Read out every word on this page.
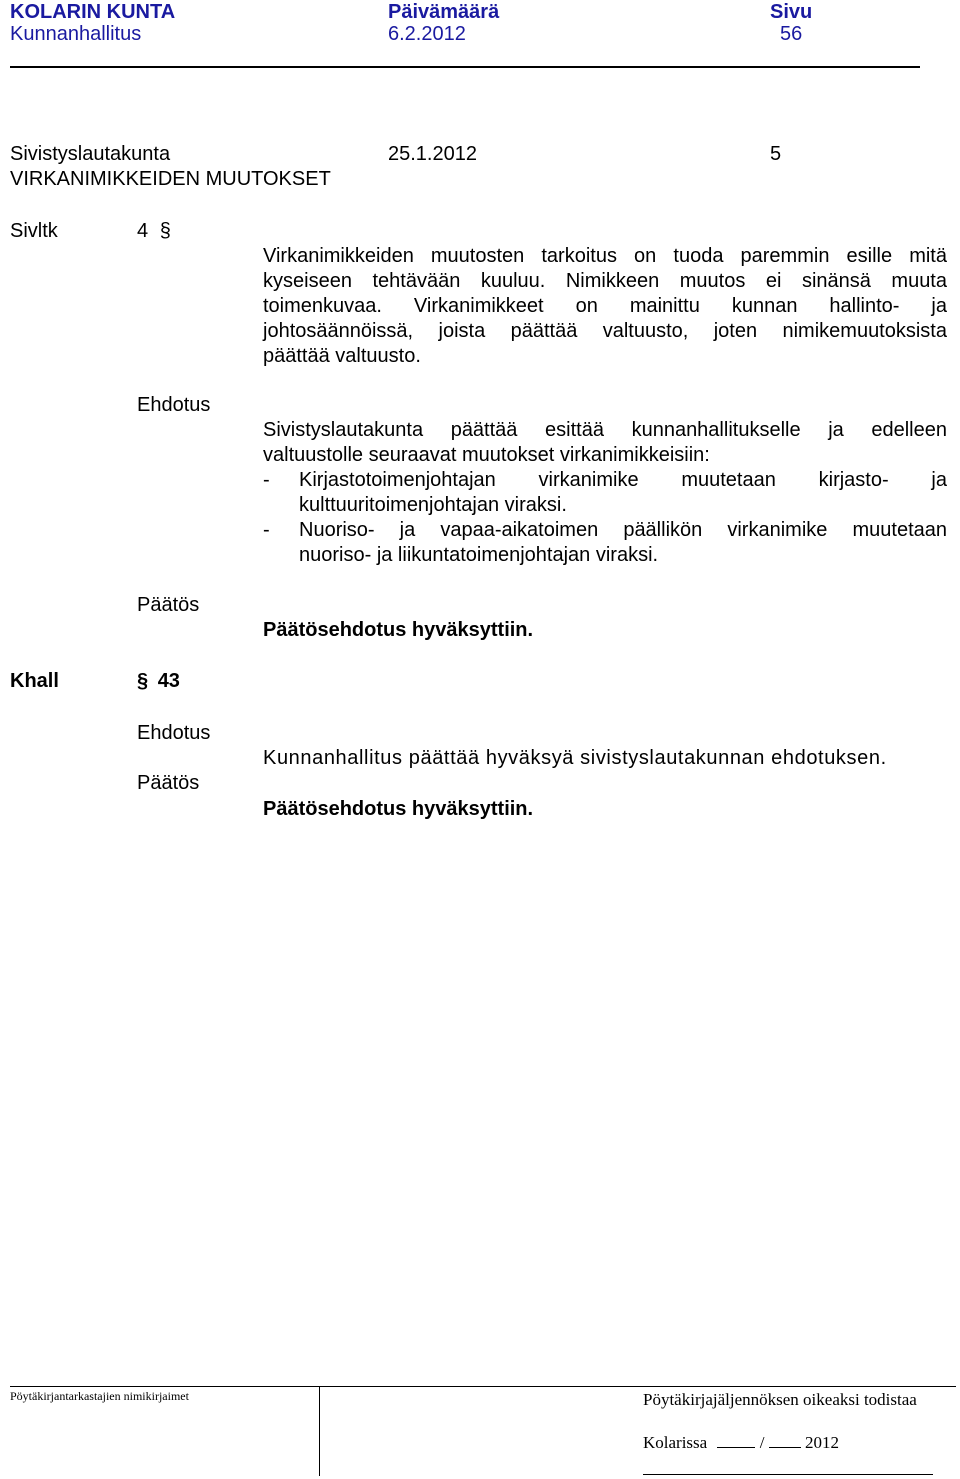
KOLARIN KUNTA	Päivämäärä	Sivu
Kunnanhallitus	6.2.2012	56
Sivistyslautakunta	25.1.2012	5
VIRKANIMIKKEIDEN MUUTOKSET
Sivltk	4 §
Virkanimikkeiden muutosten tarkoitus on tuoda paremmin esille mitä
kyseiseen tehtävään kuuluu. Nimikkeen muutos ei sinänsä muuta
toimenkuvaa. Virkanimikkeet on mainittu kunnan hallinto- ja
johtosäännöissä, joista päättää valtuusto, joten nimikemuutoksista
päättää valtuusto.
Ehdotus
Sivistyslautakunta päättää esittää kunnanhallitukselle ja edelleen
valtuustolle seuraavat muutokset virkanimikkeisiin:
-	Kirjastotoimenjohtajan virkanimike muutetaan kirjasto- ja
kulttuuritoimenjohtajan viraksi.
-	Nuoriso- ja vapaa-aikatoimen päällikön virkanimike muutetaan
nuoriso- ja liikuntatoimenjohtajan viraksi.
Päätös
Päätösehdotus hyväksyttiin.
Khall	§ 43
Ehdotus
Kunnanhallitus päättää hyväksyä sivistyslautakunnan ehdotuksen.
Päätös
Päätösehdotus hyväksyttiin.
Pöytäkirjantarkastajien nimikirjaimet	Pöytäkirjajäljennöksen oikeaksi todistaa
Kolarissa	/ 2012
